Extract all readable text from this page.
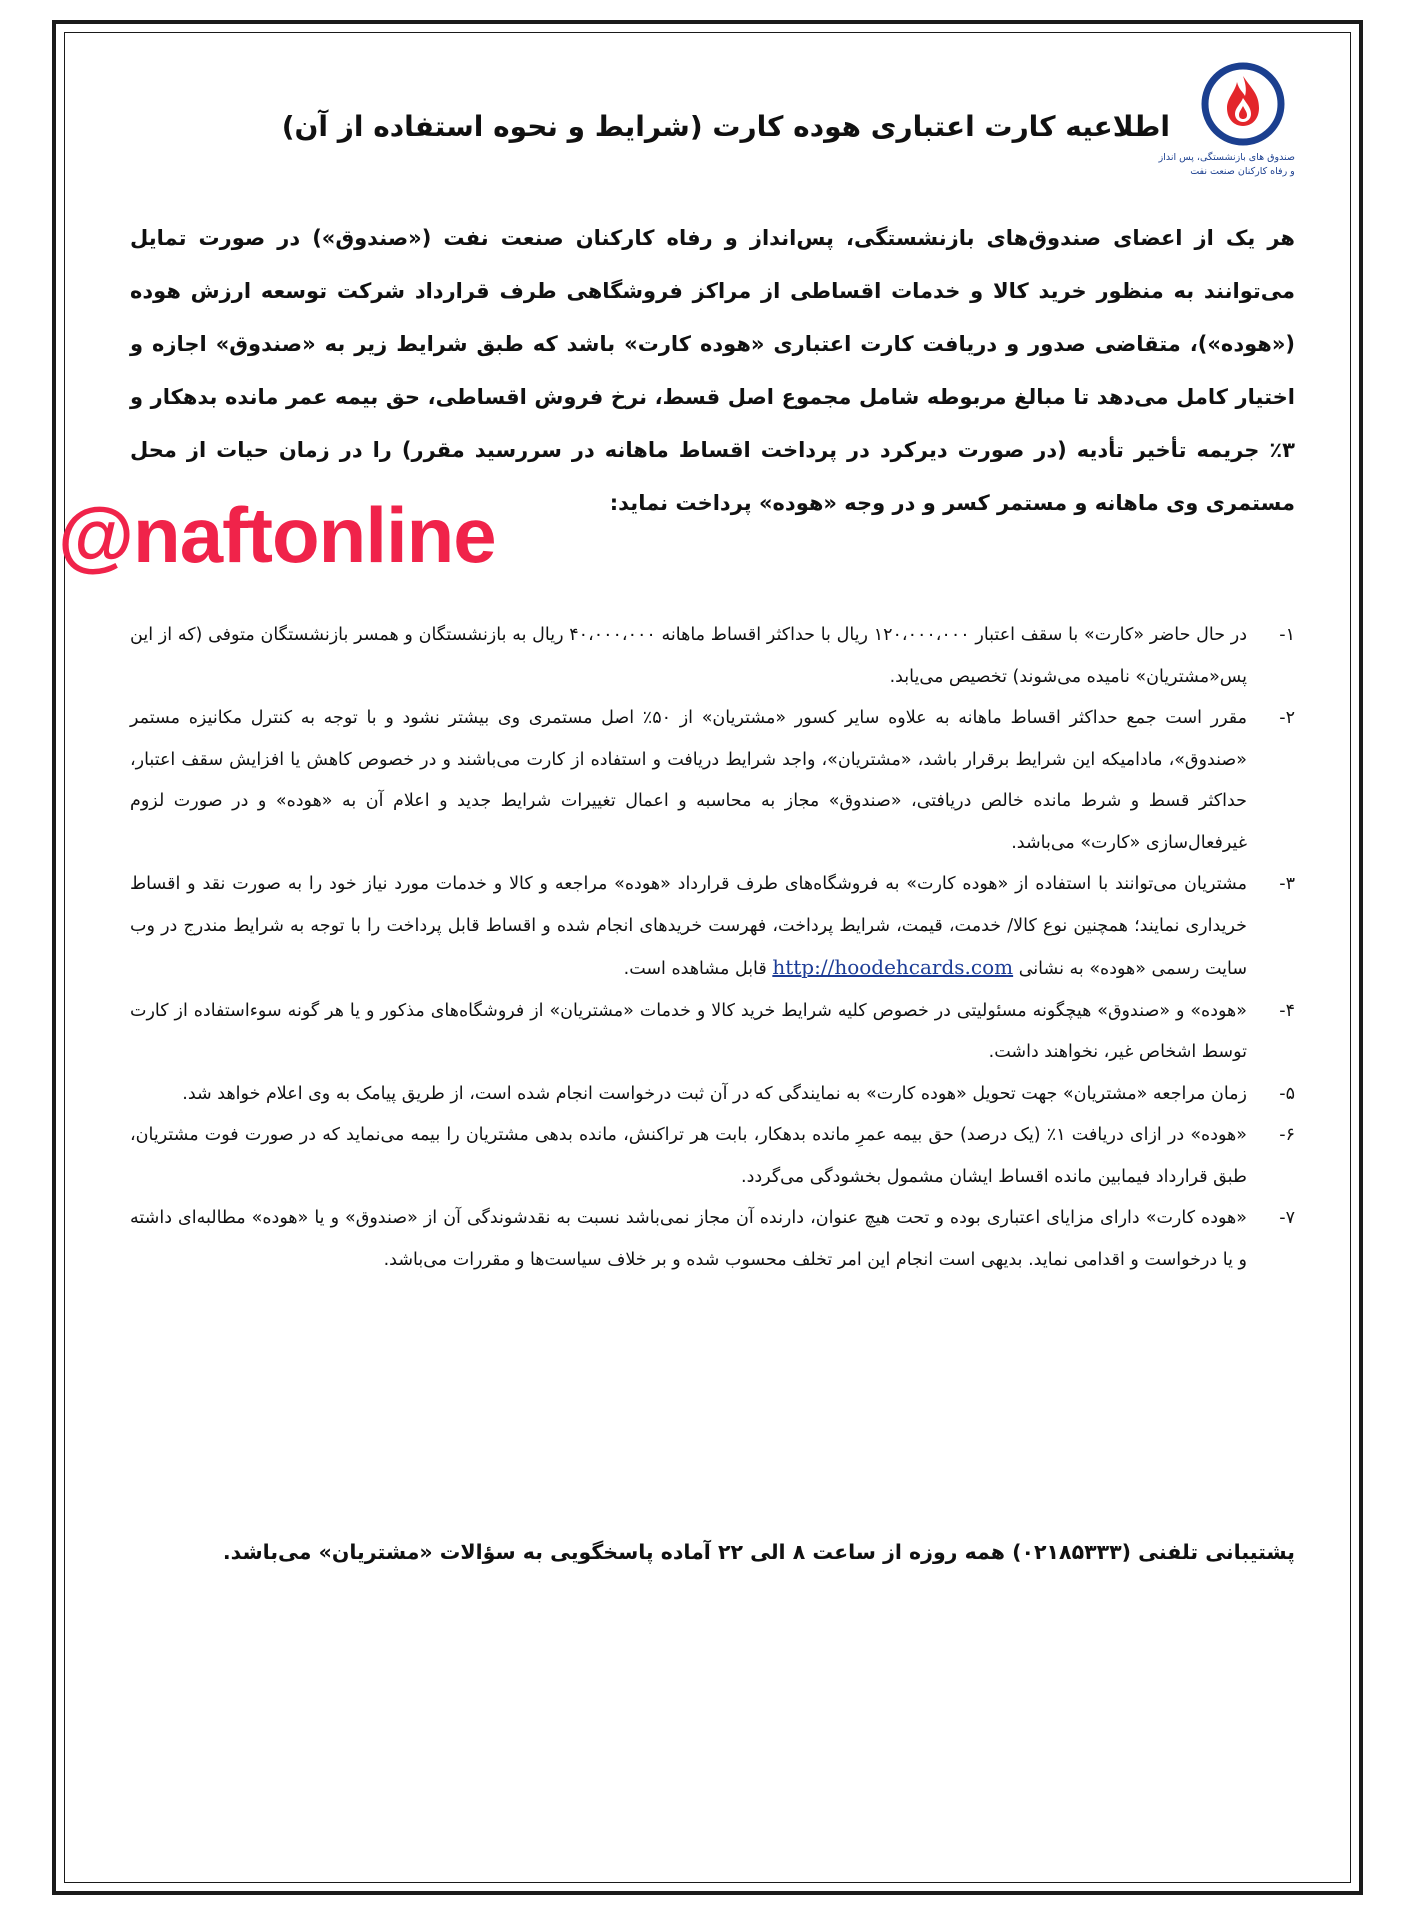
صندوق های بازنشستگی، پس انداز
و رفاه کارکنان صنعت نفت
اطلاعیه کارت اعتباری هوده کارت (شرایط و نحوه استفاده از آن)
هر یک از اعضای صندوق‌های بازنشستگی، پس‌انداز و رفاه کارکنان صنعت نفت («صندوق») در صورت تمایل می‌توانند به منظور خرید کالا و خدمات اقساطی از مراکز فروشگاهی طرف قرارداد شرکت توسعه ارزش هوده («هوده»)، متقاضی صدور و دریافت کارت اعتباری «هوده کارت» باشد که طبق شرایط زیر به «صندوق» اجازه و اختیار کامل می‌دهد تا مبالغ مربوطه شامل مجموع اصل قسط، نرخ فروش اقساطی، حق بیمه عمر مانده بدهکار و ۳٪ جریمه تأخیر تأدیه (در صورت دیرکرد در پرداخت اقساط ماهانه در سررسید مقرر) را در زمان حیات از محل مستمری وی ماهانه و مستمر کسر و در وجه «هوده» پرداخت نماید:
۱-
در حال حاضر «کارت» با سقف اعتبار ۱۲۰،۰۰۰،۰۰۰ ریال با حداکثر اقساط ماهانه ۴۰،۰۰۰،۰۰۰ ریال به بازنشستگان و همسر بازنشستگان متوفی (که از این پس«مشتریان» نامیده می‌شوند) تخصیص می‌یابد.
۲-
مقرر است جمع حداکثر اقساط ماهانه به علاوه سایر کسور «مشتریان» از ۵۰٪ اصل مستمری وی بیشتر نشود و با توجه به کنترل مکانیزه مستمر «صندوق»، مادامیکه این شرایط برقرار باشد، «مشتریان»، واجد شرایط دریافت و استفاده از کارت می‌باشند و در خصوص کاهش یا افزایش سقف اعتبار، حداکثر قسط و شرط مانده خالص دریافتی، «صندوق» مجاز به محاسبه و اعمال تغییرات شرایط جدید و اعلام آن به «هوده» و در صورت لزوم غیرفعال‌سازی «کارت» می‌باشد.
۳-
مشتریان می‌توانند با استفاده از «هوده کارت» به فروشگاه‌های طرف قرارداد «هوده» مراجعه و کالا و خدمات مورد نیاز خود را به صورت نقد و اقساط خریداری نمایند؛ همچنین نوع کالا/ خدمت، قیمت، شرایط پرداخت، فهرست خریدهای انجام شده و اقساط قابل پرداخت را با توجه به شرایط مندرج در وب سایت رسمی «هوده» به نشانی http://hoodehcards.com قابل مشاهده است.
۴-
«هوده» و «صندوق» هیچگونه مسئولیتی در خصوص کلیه شرایط خرید کالا و خدمات «مشتریان» از فروشگاه‌های مذکور و یا هر گونه سوءاستفاده از کارت توسط اشخاص غیر، نخواهند داشت.
۵-
زمان مراجعه «مشتریان» جهت تحویل «هوده کارت» به نمایندگی که در آن ثبت درخواست انجام شده است، از طریق پیامک به وی اعلام خواهد شد.
۶-
«هوده» در ازای دریافت ۱٪ (یک درصد) حق بیمه عمرِ مانده بدهکار، بابت هر تراکنش، مانده بدهی مشتریان را بیمه می‌نماید که در صورت فوت مشتریان، طبق قرارداد فیمابین مانده اقساط ایشان مشمول بخشودگی می‌گردد.
۷-
«هوده کارت» دارای مزایای اعتباری بوده و تحت هیچ عنوان، دارنده آن مجاز نمی‌باشد نسبت به نقدشوندگی آن از «صندوق» و یا «هوده» مطالبه‌ای داشته و یا درخواست و اقدامی نماید. بدیهی است انجام این امر تخلف محسوب شده و بر خلاف سیاست‌ها و مقررات می‌باشد.
پشتیبانی تلفنی (۰۲۱۸۵۳۳۳) همه روزه از ساعت ۸ الی ۲۲ آماده پاسخگویی به سؤالات «مشتریان» می‌باشد.
@naftonline
